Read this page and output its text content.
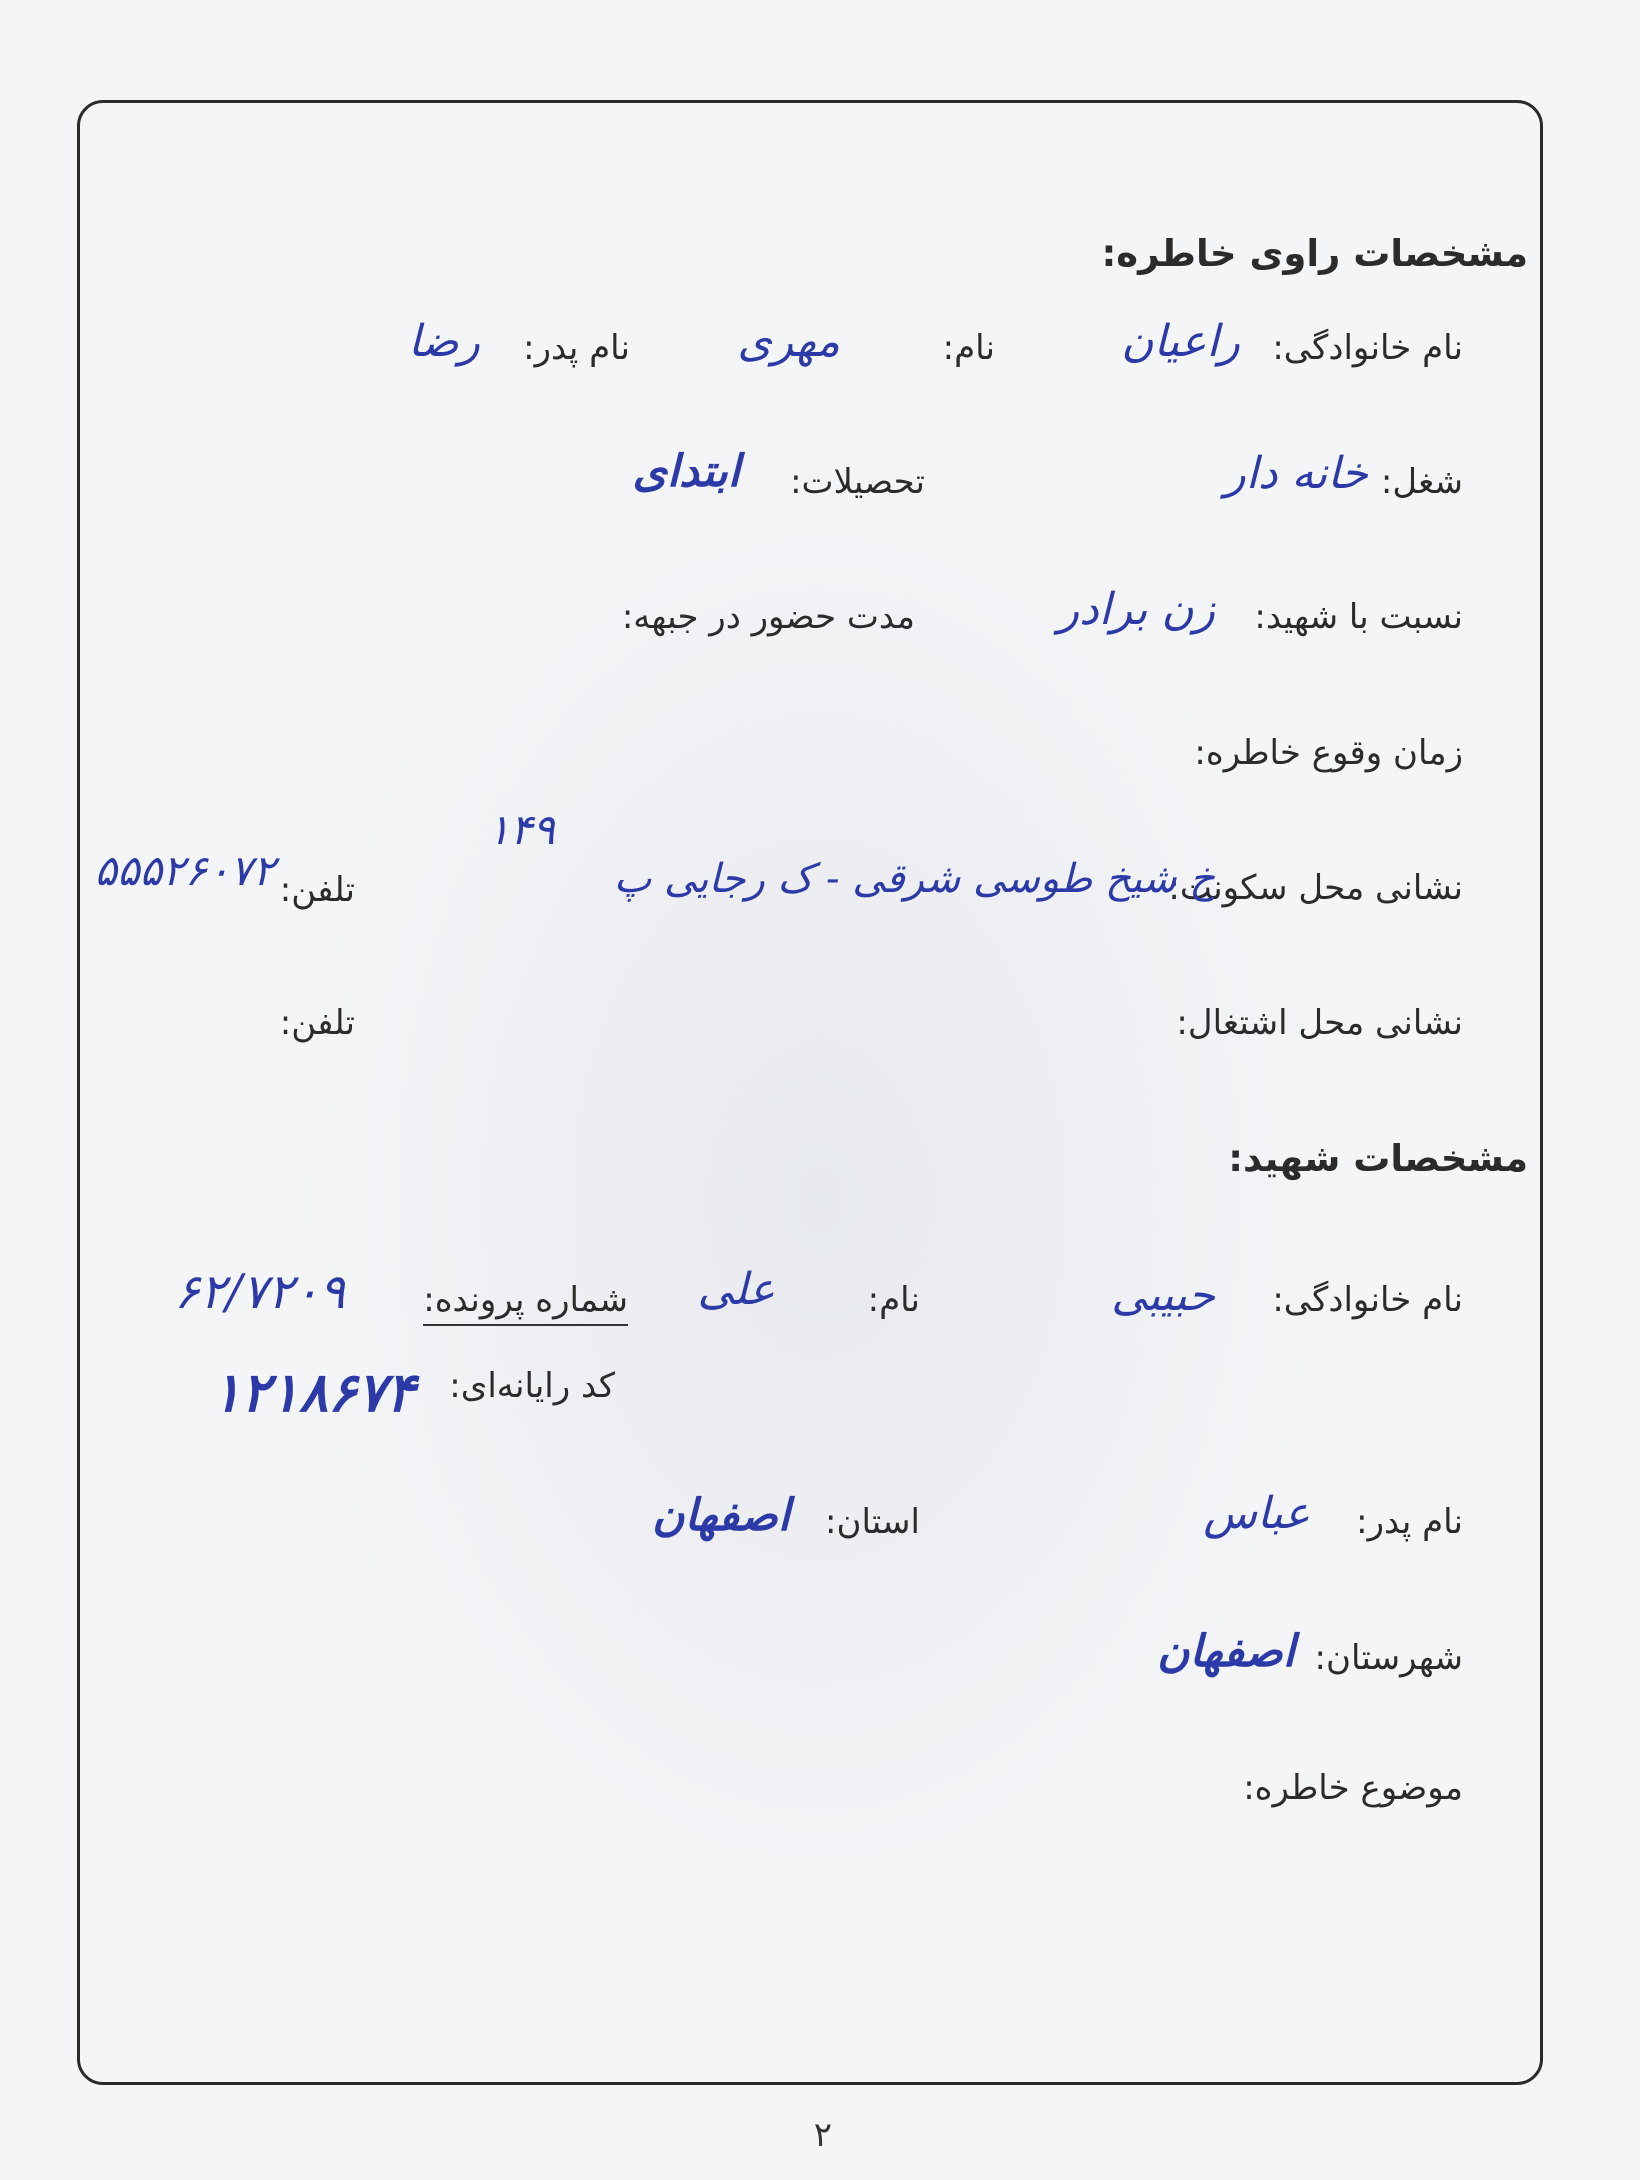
مشخصات راوی خاطره:
نام خانوادگی:
راعیان
نام:
مهری
نام پدر:
رضا
شغل:
خانه دار
تحصیلات:
ابتدای
نسبت با شهید:
زن برادر
مدت حضور در جبهه:
زمان وقوع خاطره:
نشانی محل سکونت:
خ شیخ طوسی شرقی - ک رجایی پ
۱۴۹
تلفن:
۵۵۵۲۶۰۷۲
نشانی محل اشتغال:
تلفن:
مشخصات شهید:
نام خانوادگی:
حبیبی
نام:
علی
شماره پرونده:
۶۲/۷۲۰۹
کد رایانه‌ای:
۱۲۱۸۶۷۴
نام پدر:
عباس
استان:
اصفهان
شهرستان:
اصفهان
موضوع خاطره:
۲
